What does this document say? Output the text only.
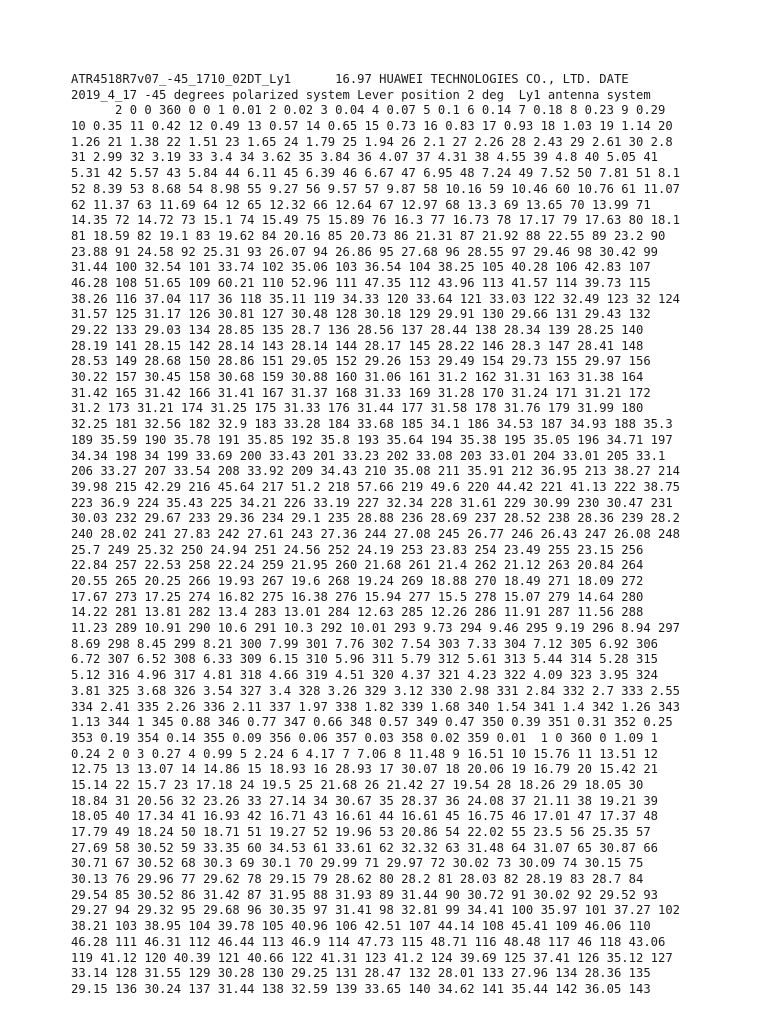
ATR4518R7v07_-45_1710_02DT_Ly1      16.97 HUAWEI TECHNOLOGIES CO., LTD. DATE
2019_4_17 -45 degrees polarized system Lever position 2 deg  Ly1 antenna system
2 0 0 360 0 0 1 0.01 2 0.02 3 0.04 4 0.07 5 0.1 6 0.14 7 0.18 8 0.23 9 0.29
10 0.35 11 0.42 12 0.49 13 0.57 14 0.65 15 0.73 16 0.83 17 0.93 18 1.03 19 1.14 20
1.26 21 1.38 22 1.51 23 1.65 24 1.79 25 1.94 26 2.1 27 2.26 28 2.43 29 2.61 30 2.8
31 2.99 32 3.19 33 3.4 34 3.62 35 3.84 36 4.07 37 4.31 38 4.55 39 4.8 40 5.05 41
5.31 42 5.57 43 5.84 44 6.11 45 6.39 46 6.67 47 6.95 48 7.24 49 7.52 50 7.81 51 8.1
52 8.39 53 8.68 54 8.98 55 9.27 56 9.57 57 9.87 58 10.16 59 10.46 60 10.76 61 11.07
62 11.37 63 11.69 64 12 65 12.32 66 12.64 67 12.97 68 13.3 69 13.65 70 13.99 71
14.35 72 14.72 73 15.1 74 15.49 75 15.89 76 16.3 77 16.73 78 17.17 79 17.63 80 18.1
81 18.59 82 19.1 83 19.62 84 20.16 85 20.73 86 21.31 87 21.92 88 22.55 89 23.2 90
23.88 91 24.58 92 25.31 93 26.07 94 26.86 95 27.68 96 28.55 97 29.46 98 30.42 99
31.44 100 32.54 101 33.74 102 35.06 103 36.54 104 38.25 105 40.28 106 42.83 107
46.28 108 51.65 109 60.21 110 52.96 111 47.35 112 43.96 113 41.57 114 39.73 115
38.26 116 37.04 117 36 118 35.11 119 34.33 120 33.64 121 33.03 122 32.49 123 32 124
31.57 125 31.17 126 30.81 127 30.48 128 30.18 129 29.91 130 29.66 131 29.43 132
29.22 133 29.03 134 28.85 135 28.7 136 28.56 137 28.44 138 28.34 139 28.25 140
28.19 141 28.15 142 28.14 143 28.14 144 28.17 145 28.22 146 28.3 147 28.41 148
28.53 149 28.68 150 28.86 151 29.05 152 29.26 153 29.49 154 29.73 155 29.97 156
30.22 157 30.45 158 30.68 159 30.88 160 31.06 161 31.2 162 31.31 163 31.38 164
31.42 165 31.42 166 31.41 167 31.37 168 31.33 169 31.28 170 31.24 171 31.21 172
31.2 173 31.21 174 31.25 175 31.33 176 31.44 177 31.58 178 31.76 179 31.99 180
32.25 181 32.56 182 32.9 183 33.28 184 33.68 185 34.1 186 34.53 187 34.93 188 35.3
189 35.59 190 35.78 191 35.85 192 35.8 193 35.64 194 35.38 195 35.05 196 34.71 197
34.34 198 34 199 33.69 200 33.43 201 33.23 202 33.08 203 33.01 204 33.01 205 33.1
206 33.27 207 33.54 208 33.92 209 34.43 210 35.08 211 35.91 212 36.95 213 38.27 214
39.98 215 42.29 216 45.64 217 51.2 218 57.66 219 49.6 220 44.42 221 41.13 222 38.75
223 36.9 224 35.43 225 34.21 226 33.19 227 32.34 228 31.61 229 30.99 230 30.47 231
30.03 232 29.67 233 29.36 234 29.1 235 28.88 236 28.69 237 28.52 238 28.36 239 28.2
240 28.02 241 27.83 242 27.61 243 27.36 244 27.08 245 26.77 246 26.43 247 26.08 248
25.7 249 25.32 250 24.94 251 24.56 252 24.19 253 23.83 254 23.49 255 23.15 256
22.84 257 22.53 258 22.24 259 21.95 260 21.68 261 21.4 262 21.12 263 20.84 264
20.55 265 20.25 266 19.93 267 19.6 268 19.24 269 18.88 270 18.49 271 18.09 272
17.67 273 17.25 274 16.82 275 16.38 276 15.94 277 15.5 278 15.07 279 14.64 280
14.22 281 13.81 282 13.4 283 13.01 284 12.63 285 12.26 286 11.91 287 11.56 288
11.23 289 10.91 290 10.6 291 10.3 292 10.01 293 9.73 294 9.46 295 9.19 296 8.94 297
8.69 298 8.45 299 8.21 300 7.99 301 7.76 302 7.54 303 7.33 304 7.12 305 6.92 306
6.72 307 6.52 308 6.33 309 6.15 310 5.96 311 5.79 312 5.61 313 5.44 314 5.28 315
5.12 316 4.96 317 4.81 318 4.66 319 4.51 320 4.37 321 4.23 322 4.09 323 3.95 324
3.81 325 3.68 326 3.54 327 3.4 328 3.26 329 3.12 330 2.98 331 2.84 332 2.7 333 2.55
334 2.41 335 2.26 336 2.11 337 1.97 338 1.82 339 1.68 340 1.54 341 1.4 342 1.26 343
1.13 344 1 345 0.88 346 0.77 347 0.66 348 0.57 349 0.47 350 0.39 351 0.31 352 0.25
353 0.19 354 0.14 355 0.09 356 0.06 357 0.03 358 0.02 359 0.01  1 0 360 0 1.09 1
0.24 2 0 3 0.27 4 0.99 5 2.24 6 4.17 7 7.06 8 11.48 9 16.51 10 15.76 11 13.51 12
12.75 13 13.07 14 14.86 15 18.93 16 28.93 17 30.07 18 20.06 19 16.79 20 15.42 21
15.14 22 15.7 23 17.18 24 19.5 25 21.68 26 21.42 27 19.54 28 18.26 29 18.05 30
18.84 31 20.56 32 23.26 33 27.14 34 30.67 35 28.37 36 24.08 37 21.11 38 19.21 39
18.05 40 17.34 41 16.93 42 16.71 43 16.61 44 16.61 45 16.75 46 17.01 47 17.37 48
17.79 49 18.24 50 18.71 51 19.27 52 19.96 53 20.86 54 22.02 55 23.5 56 25.35 57
27.69 58 30.52 59 33.35 60 34.53 61 33.61 62 32.32 63 31.48 64 31.07 65 30.87 66
30.71 67 30.52 68 30.3 69 30.1 70 29.99 71 29.97 72 30.02 73 30.09 74 30.15 75
30.13 76 29.96 77 29.62 78 29.15 79 28.62 80 28.2 81 28.03 82 28.19 83 28.7 84
29.54 85 30.52 86 31.42 87 31.95 88 31.93 89 31.44 90 30.72 91 30.02 92 29.52 93
29.27 94 29.32 95 29.68 96 30.35 97 31.41 98 32.81 99 34.41 100 35.97 101 37.27 102
38.21 103 38.95 104 39.78 105 40.96 106 42.51 107 44.14 108 45.41 109 46.06 110
46.28 111 46.31 112 46.44 113 46.9 114 47.73 115 48.71 116 48.48 117 46 118 43.06
119 41.12 120 40.39 121 40.66 122 41.31 123 41.2 124 39.69 125 37.41 126 35.12 127
33.14 128 31.55 129 30.28 130 29.25 131 28.47 132 28.01 133 27.96 134 28.36 135
29.15 136 30.24 137 31.44 138 32.59 139 33.65 140 34.62 141 35.44 142 36.05 143
